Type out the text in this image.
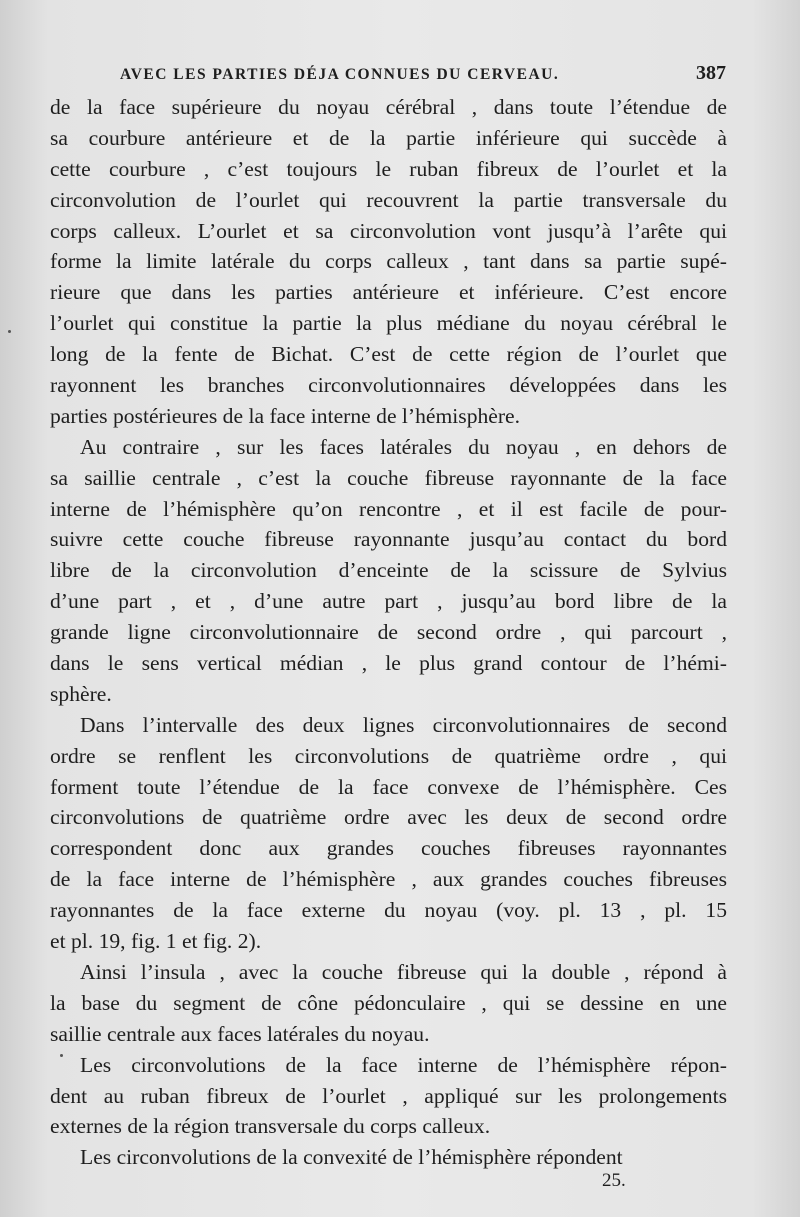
AVEC LES PARTIES DÉJA CONNUES DU CERVEAU.	387
de la face supérieure du noyau cérébral , dans toute l’étendue de
sa courbure antérieure et de la partie inférieure qui succède à
cette courbure , c’est toujours le ruban fibreux de l’ourlet et la
circonvolution de l’ourlet qui recouvrent la partie transversale du
corps calleux. L’ourlet et sa circonvolution vont jusqu’à l’arête qui
forme la limite latérale du corps calleux , tant dans sa partie supé-
rieure que dans les parties antérieure et inférieure. C’est encore
l’ourlet qui constitue la partie la plus médiane du noyau cérébral le
long de la fente de Bichat. C’est de cette région de l’ourlet que
rayonnent les branches circonvolutionnaires développées dans les
parties postérieures de la face interne de l’hémisphère.
Au contraire , sur les faces latérales du noyau , en dehors de
sa saillie centrale , c’est la couche fibreuse rayonnante de la face
interne de l’hémisphère qu’on rencontre , et il est facile de pour-
suivre cette couche fibreuse rayonnante jusqu’au contact du bord
libre de la circonvolution d’enceinte de la scissure de Sylvius
d’une part , et , d’une autre part , jusqu’au bord libre de la
grande ligne circonvolutionnaire de second ordre , qui parcourt ,
dans le sens vertical médian , le plus grand contour de l’hémi-
sphère.
Dans l’intervalle des deux lignes circonvolutionnaires de second
ordre se renflent les circonvolutions de quatrième ordre , qui
forment toute l’étendue de la face convexe de l’hémisphère. Ces
circonvolutions de quatrième ordre avec les deux de second ordre
correspondent donc aux grandes couches fibreuses rayonnantes
de la face interne de l’hémisphère , aux grandes couches fibreuses
rayonnantes de la face externe du noyau (voy. pl. 13 , pl. 15
et pl. 19, fig. 1 et fig. 2).
Ainsi l’insula , avec la couche fibreuse qui la double , répond à
la base du segment de cône pédonculaire , qui se dessine en une
saillie centrale aux faces latérales du noyau.
Les circonvolutions de la face interne de l’hémisphère répon-
dent au ruban fibreux de l’ourlet , appliqué sur les prolongements
externes de la région transversale du corps calleux.
Les circonvolutions de la convexité de l’hémisphère répondent
25.
